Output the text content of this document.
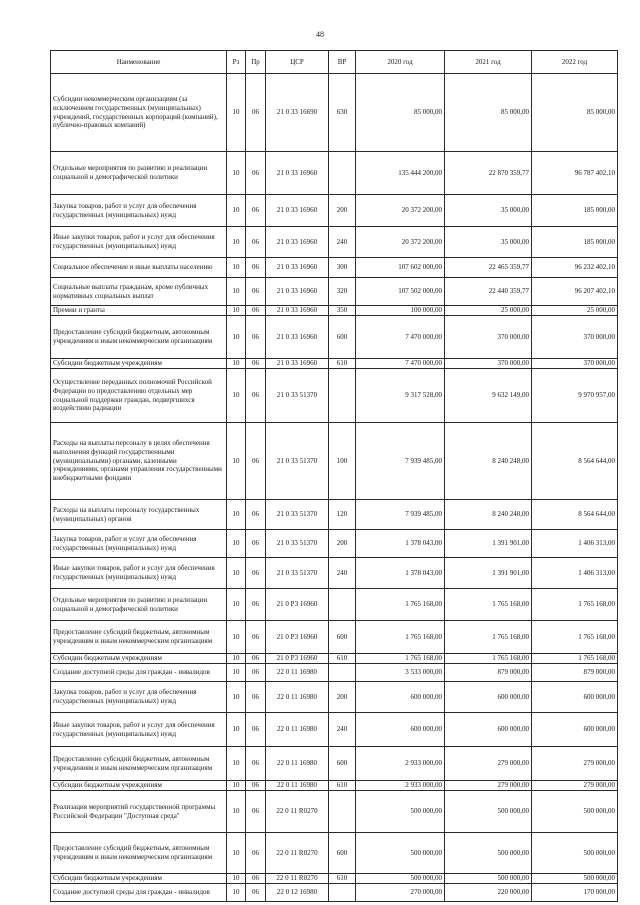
48
Наименование	Рз	Пр	ЦСР	ВР	2020 год	2021 год	2022 год
Субсидии некоммерческим организациям (за исключением государственных (муниципальных) учреждений, государственных корпораций (компаний), публично-правовых компаний)	10	06	21 0 33 16690	630	85 000,00	85 000,00	85 000,00
Отдельные мероприятия по развитию и реализации социальной и демографической политики	10	06	21 0 33 16960		135 444 200,00	22 870 359,77	96 787 402,10
Закупка товаров, работ и услуг для обеспечения государственных (муниципальных) нужд	10	06	21 0 33 16960	200	20 372 200,00	35 000,00	185 000,00
Иные закупки товаров, работ и услуг для обеспечения государственных (муниципальных) нужд	10	06	21 0 33 16960	240	20 372 200,00	35 000,00	185 000,00
Социальное обеспечение и иные выплаты населению	10	06	21 0 33 16960	300	107 602 000,00	22 465 359,77	96 232 402,10
Социальные выплаты гражданам, кроме публичных нормативных социальных выплат	10	06	21 0 33 16960	320	107 502 000,00	22 440 359,77	96 207 402,10
Премии и гранты	10	06	21 0 33 16960	350	100 000,00	25 000,00	25 000,00
Предоставление субсидий бюджетным, автономным учреждениям и иным некоммерческим организациям	10	06	21 0 33 16960	600	7 470 000,00	370 000,00	370 000,00
Субсидии бюджетным учреждениям	10	06	21 0 33 16960	610	7 470 000,00	370 000,00	370 000,00
Осуществление переданных полномочий Российской Федерации по предоставлению отдельных мер социальной поддержки граждан, подвергшихся воздействию радиации	10	06	21 0 33 51370		9 317 528,00	9 632 149,00	9 970 957,00
Расходы на выплаты персоналу в целях обеспечения выполнения функций государственными (муниципальными) органами, казенными учреждениями, органами управления государственными внебюджетными фондами	10	06	21 0 33 51370	100	7 939 485,00	8 240 248,00	8 564 644,00
Расходы на выплаты персоналу государственных (муниципальных) органов	10	06	21 0 33 51370	120	7 939 485,00	8 240 248,00	8 564 644,00
Закупка товаров, работ и услуг для обеспечения государственных (муниципальных) нужд	10	06	21 0 33 51370	200	1 378 043,00	1 391 901,00	1 406 313,00
Иные закупки товаров, работ и услуг для обеспечения государственных (муниципальных) нужд	10	06	21 0 33 51370	240	1 378 043,00	1 391 901,00	1 406 313,00
Отдельные мероприятия по развитию и реализации социальной и демографической политики	10	06	21 0 P3 16960		1 765 168,00	1 765 168,00	1 765 168,00
Предоставление субсидий бюджетным, автономным учреждениям и иным некоммерческим организациям	10	06	21 0 P3 16960	600	1 765 168,00	1 765 168,00	1 765 168,00
Субсидии бюджетным учреждениям	10	06	21 0 P3 16960	610	1 765 168,00	1 765 168,00	1 765 168,00
Создание доступной среды для граждан - инвалидов	10	06	22 0 11 16980		3 533 000,00	879 000,00	879 000,00
Закупка товаров, работ и услуг для обеспечения государственных (муниципальных) нужд	10	06	22 0 11 16980	200	600 000,00	600 000,00	600 000,00
Иные закупки товаров, работ и услуг для обеспечения государственных (муниципальных) нужд	10	06	22 0 11 16980	240	600 000,00	600 000,00	600 000,00
Предоставление субсидий бюджетным, автономным учреждениям и иным некоммерческим организациям	10	06	22 0 11 16980	600	2 933 000,00	279 000,00	279 000,00
Субсидии бюджетным учреждениям	10	06	22 0 11 16980	610	2 933 000,00	279 000,00	279 000,00
Реализация мероприятий государственной программы Российской Федерации "Доступная среда"	10	06	22 0 11 R0270		500 000,00	500 000,00	500 000,00
Предоставление субсидий бюджетным, автономным учреждениям и иным некоммерческим организациям	10	06	22 0 11 R0270	600	500 000,00	500 000,00	500 000,00
Субсидии бюджетным учреждениям	10	06	22 0 11 R0270	610	500 000,00	500 000,00	500 000,00
Создание доступной среды для граждан - инвалидов	10	06	22 0 12 16980		270 000,00	220 000,00	170 000,00
